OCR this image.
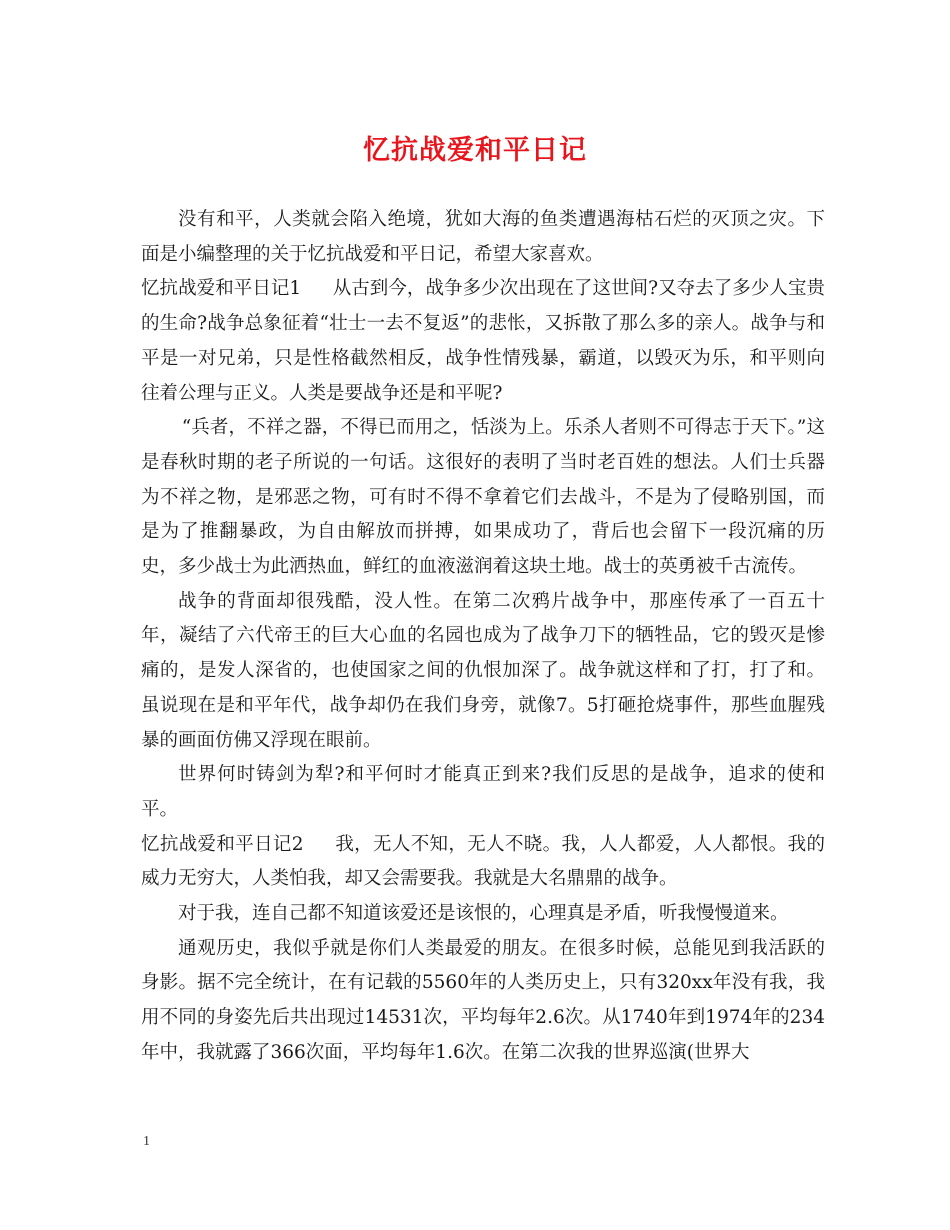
忆抗战爱和平日记

没有和平，人类就会陷入绝境，犹如大海的鱼类遭遇海枯石烂的灭顶之灾。下面是小编整理的关于忆抗战爱和平日记，希望大家喜欢。

忆抗战爱和平日记1 从古到今，战争多少次出现在了这世间?又夺去了多少人宝贵的生命?战争总象征着“壮士一去不复返”的悲怅，又拆散了那么多的亲人。战争与和平是一对兄弟，只是性格截然相反，战争性情残暴，霸道，以毁灭为乐，和平则向往着公理与正义。人类是要战争还是和平呢?

“兵者，不祥之器，不得已而用之，恬淡为上。乐杀人者则不可得志于天下。”这是春秋时期的老子所说的一句话。这很好的表明了当时老百姓的想法。人们士兵器为不祥之物，是邪恶之物，可有时不得不拿着它们去战斗，不是为了侵略别国，而是为了推翻暴政，为自由解放而拼搏，如果成功了，背后也会留下一段沉痛的历史，多少战士为此洒热血，鲜红的血液滋润着这块土地。战士的英勇被千古流传。

战争的背面却很残酷，没人性。在第二次鸦片战争中，那座传承了一百五十年，凝结了六代帝王的巨大心血的名园也成为了战争刀下的牺牲品，它的毁灭是惨痛的，是发人深省的，也使国家之间的仇恨加深了。战争就这样和了打，打了和。虽说现在是和平年代，战争却仍在我们身旁，就像7。5打砸抢烧事件，那些血腥残暴的画面仿佛又浮现在眼前。

世界何时铸剑为犁?和平何时才能真正到来?我们反思的是战争，追求的使和平。

忆抗战爱和平日记2 我，无人不知，无人不晓。我，人人都爱，人人都恨。我的威力无穷大，人类怕我，却又会需要我。我就是大名鼎鼎的战争。

对于我，连自己都不知道该爱还是该恨的，心理真是矛盾，听我慢慢道来。

通观历史，我似乎就是你们人类最爱的朋友。在很多时候，总能见到我活跃的身影。据不完全统计，在有记载的5560年的人类历史上，只有320xx年没有我，我用不同的身姿先后共出现过14531次，平均每年2.6次。从1740年到1974年的234年中，我就露了366次面，平均每年1.6次。在第二次我的世界巡演(世界大

1
